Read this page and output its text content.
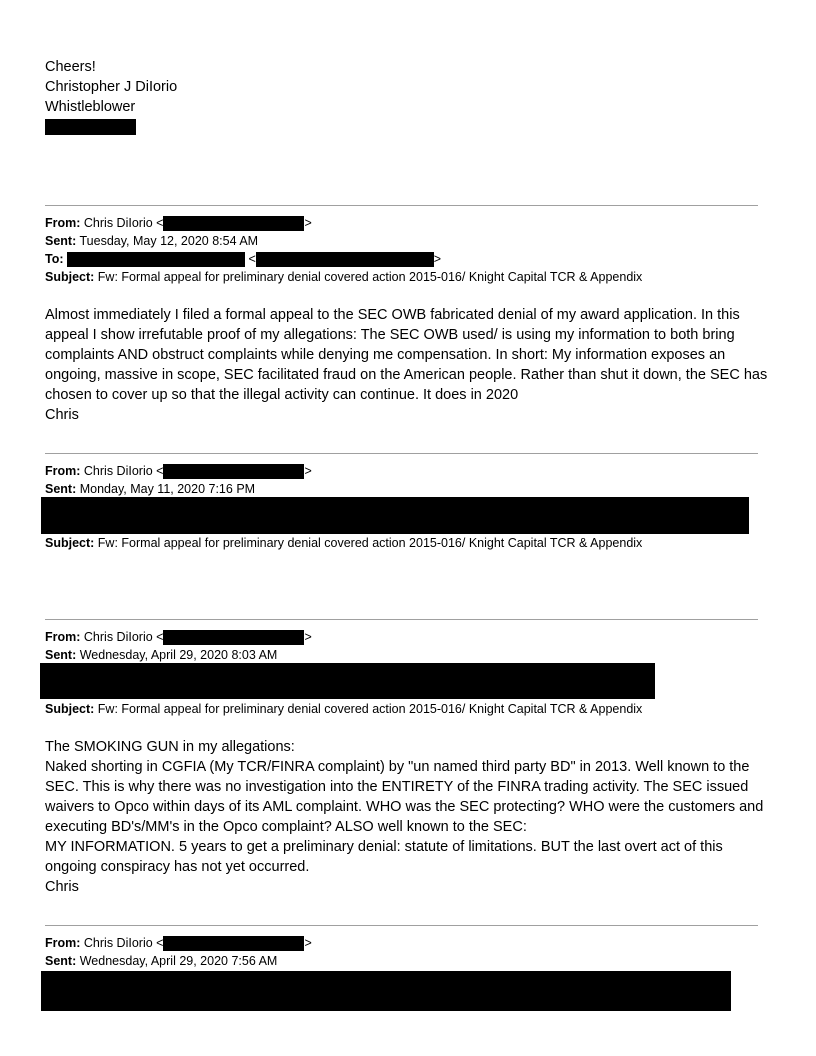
Cheers!
Christopher J DiIorio
Whistleblower
From: Chris DiIorio <	>
Sent: Tuesday, May 12, 2020 8:54 AM
To:	<	>
Subject: Fw: Formal appeal for preliminary denial covered action 2015-016/ Knight Capital TCR & Appendix

Almost immediately I filed a formal appeal to the SEC OWB fabricated denial of my award application. In this appeal I show irrefutable proof of my allegations: The SEC OWB used/ is using my information to both bring complaints AND obstruct complaints while denying me compensation. In short: My information exposes an ongoing, massive in scope, SEC facilitated fraud on the American people. Rather than shut it down, the SEC has chosen to cover up so that the illegal activity can continue. It does in 2020

Chris

From: Chris DiIorio <	>
Sent: Monday, May 11, 2020 7:16 PM
Subject: Fw: Formal appeal for preliminary denial covered action 2015-016/ Knight Capital TCR & Appendix
From: Chris DiIorio <	>
Sent: Wednesday, April 29, 2020 8:03 AM
Subject: Fw: Formal appeal for preliminary denial covered action 2015-016/ Knight Capital TCR & Appendix

The SMOKING GUN in my allegations:

Naked shorting in CGFIA (My TCR/FINRA complaint) by "un named third party BD" in 2013. Well known to the SEC. This is why there was no investigation into the ENTIRETY of the FINRA trading activity. The SEC issued waivers to Opco within days of its AML complaint. WHO was the SEC protecting? WHO were the customers and executing BD's/MM's in the Opco complaint? ALSO well known to the SEC:

MY INFORMATION. 5 years to get a preliminary denial: statute of limitations. BUT the last overt act of this ongoing conspiracy has not yet occurred.

Chris

From: Chris DiIorio <	>
Sent: Wednesday, April 29, 2020 7:56 AM
